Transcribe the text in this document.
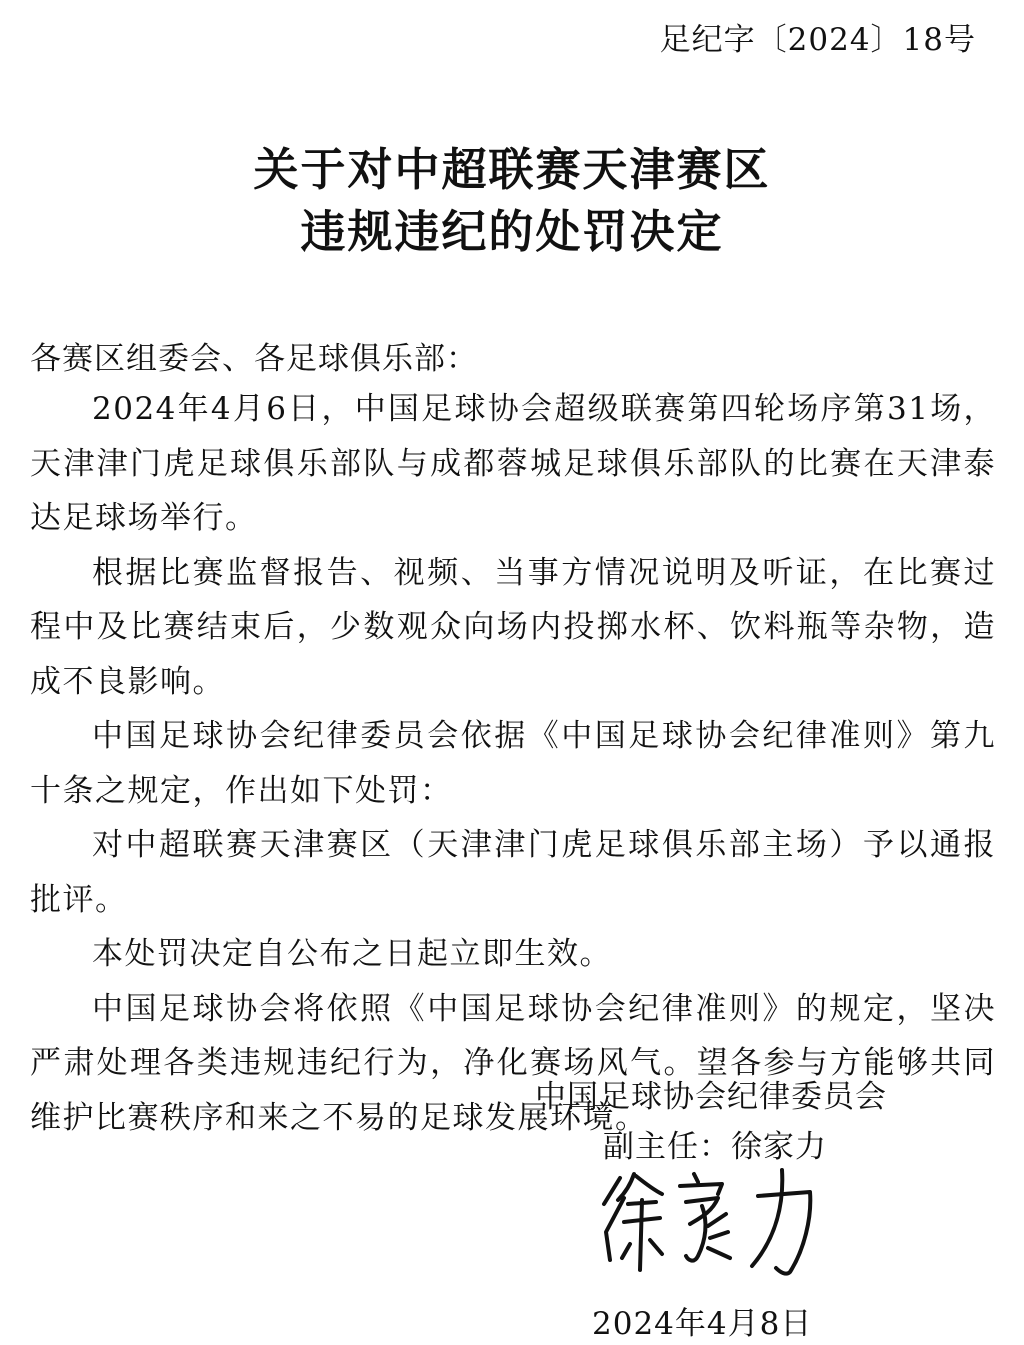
足纪字〔2024〕18号
关于对中超联赛天津赛区
违规违纪的处罚决定
各赛区组委会、各足球俱乐部：

2024年4月6日，中国足球协会超级联赛第四轮场序第31场，天津津门虎足球俱乐部队与成都蓉城足球俱乐部队的比赛在天津泰达足球场举行。

根据比赛监督报告、视频、当事方情况说明及听证，在比赛过程中及比赛结束后，少数观众向场内投掷水杯、饮料瓶等杂物，造成不良影响。

中国足球协会纪律委员会依据《中国足球协会纪律准则》第九十条之规定，作出如下处罚：

对中超联赛天津赛区（天津津门虎足球俱乐部主场）予以通报批评。

本处罚决定自公布之日起立即生效。

中国足球协会将依照《中国足球协会纪律准则》的规定，坚决严肃处理各类违规违纪行为，净化赛场风气。望各参与方能够共同维护比赛秩序和来之不易的足球发展环境。

中国足球协会纪律委员会
副主任：徐家力
2024年4月8日
